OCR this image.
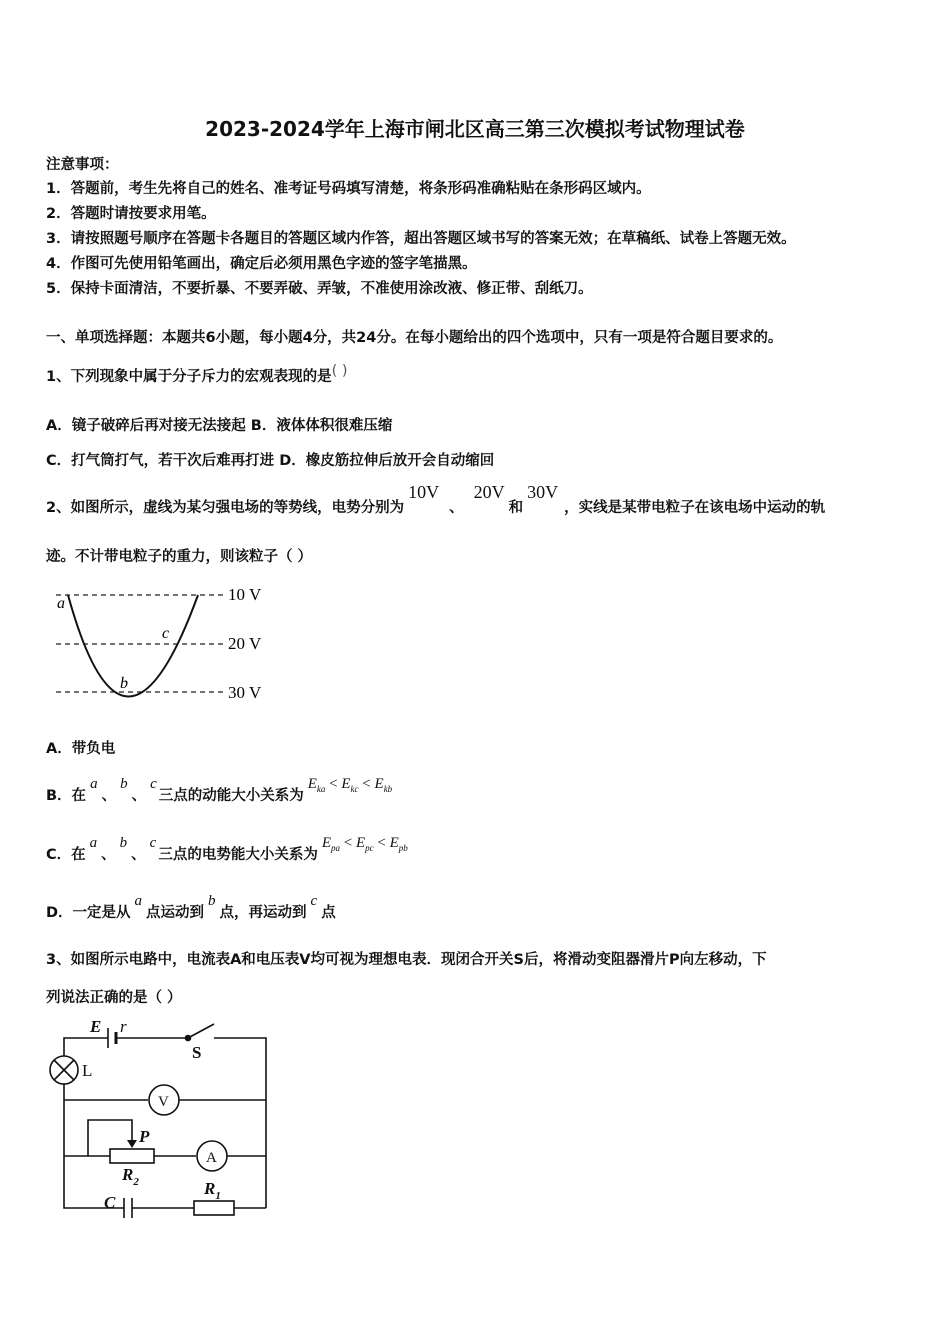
2023-2024学年上海市闸北区高三第三次模拟考试物理试卷
注意事项：
1．答题前，考生先将自己的姓名、准考证号码填写清楚，将条形码准确粘贴在条形码区域内。
2．答题时请按要求用笔。
3．请按照题号顺序在答题卡各题目的答题区域内作答，超出答题区域书写的答案无效；在草稿纸、试卷上答题无效。
4．作图可先使用铅笔画出，确定后必须用黑色字迹的签字笔描黑。
5．保持卡面清洁，不要折暴、不要弄破、弄皱，不准使用涂改液、修正带、刮纸刀。
一、单项选择题：本题共6小题，每小题4分，共24分。在每小题给出的四个选项中，只有一项是符合题目要求的。
1、下列现象中属于分子斥力的宏观表现的是( )
A．镜子破碎后再对接无法接起 B．液体体积很难压缩
C．打气筒打气，若干次后难再打进 D．橡皮筋拉伸后放开会自动缩回
2、如图所示，虚线为某匀强电场的等势线，电势分别为10V、20V和30V，实线是某带电粒子在该电场中运动的轨
迹。不计带电粒子的重力，则该粒子（ ）
10 V
20 V
30 V
a
b
c
A．带负电
B．在a、b、c三点的动能大小关系为$E_{ka} < E_{kc} < E_{kb}$
C．在a、b、c三点的电势能大小关系为$E_{pa} < E_{pc} < E_{pb}$
D．一定是从a点运动到b点，再运动到c点
3、如图所示电路中，电流表A和电压表V均可视为理想电表．现闭合开关S后，将滑动变阻器滑片P向左移动，下
列说法正确的是（ ）
E r
S
L
V
P
A
$R_2$	$R_1$
C
